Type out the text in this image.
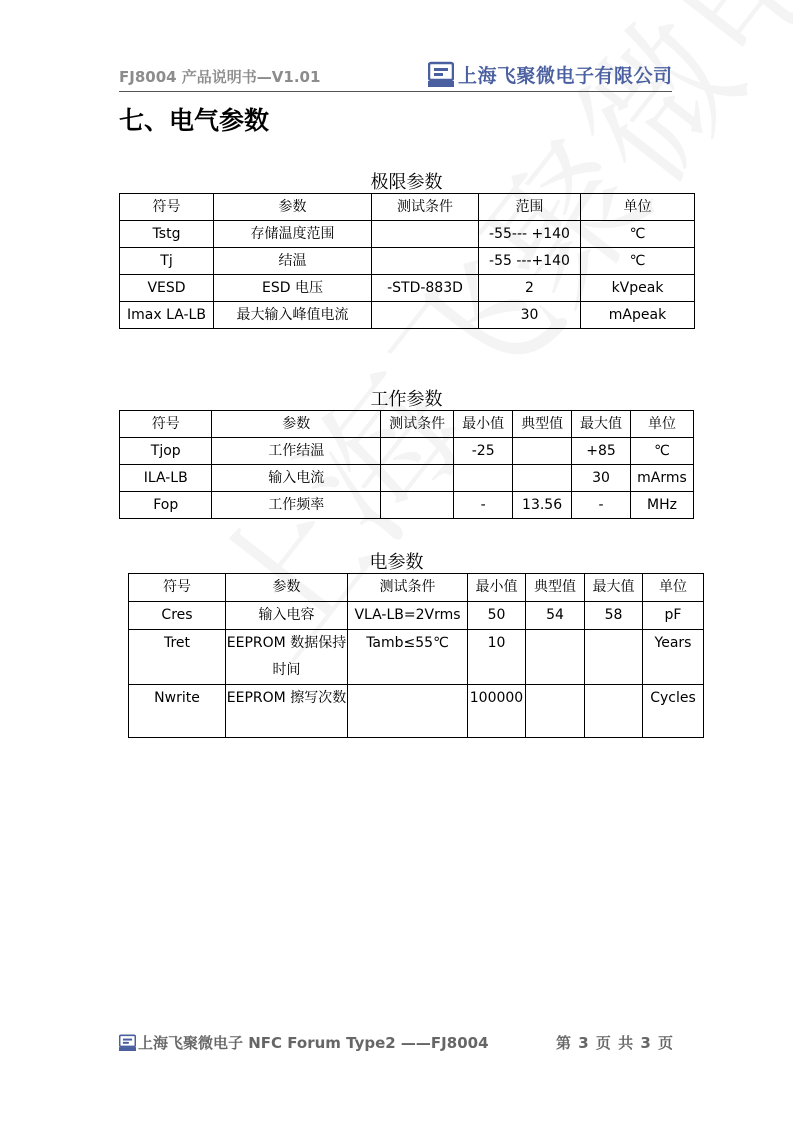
FJ8004 产品说明书—V1.01	上海飞聚微电子有限公司
七、电气参数
极限参数
符号	参数	测试条件	范围	单位
Tstg	存储温度范围		-55--- +140	℃
Tj	结温		-55 ---+140	℃
VESD	ESD 电压	-STD-883D	2	kVpeak
Imax LA-LB	最大输入峰值电流		30	mApeak
工作参数
符号	参数	测试条件	最小值	典型值	最大值	单位
Tjop	工作结温		-25		+85	℃
ILA-LB	输入电流				30	mArms
Fop	工作频率		-	13.56	-	MHz
电参数
符号	参数	测试条件	最小值	典型值	最大值	单位
Cres	输入电容	VLA-LB=2Vrms	50	54	58	pF
Tret	EEPROM 数据保持时间	Tamb≤55℃	10			Years
Nwrite	EEPROM 擦写次数		100000			Cycles
上海飞聚微电子 NFC Forum Type2 ——FJ8004	第 3 页 共 3 页
